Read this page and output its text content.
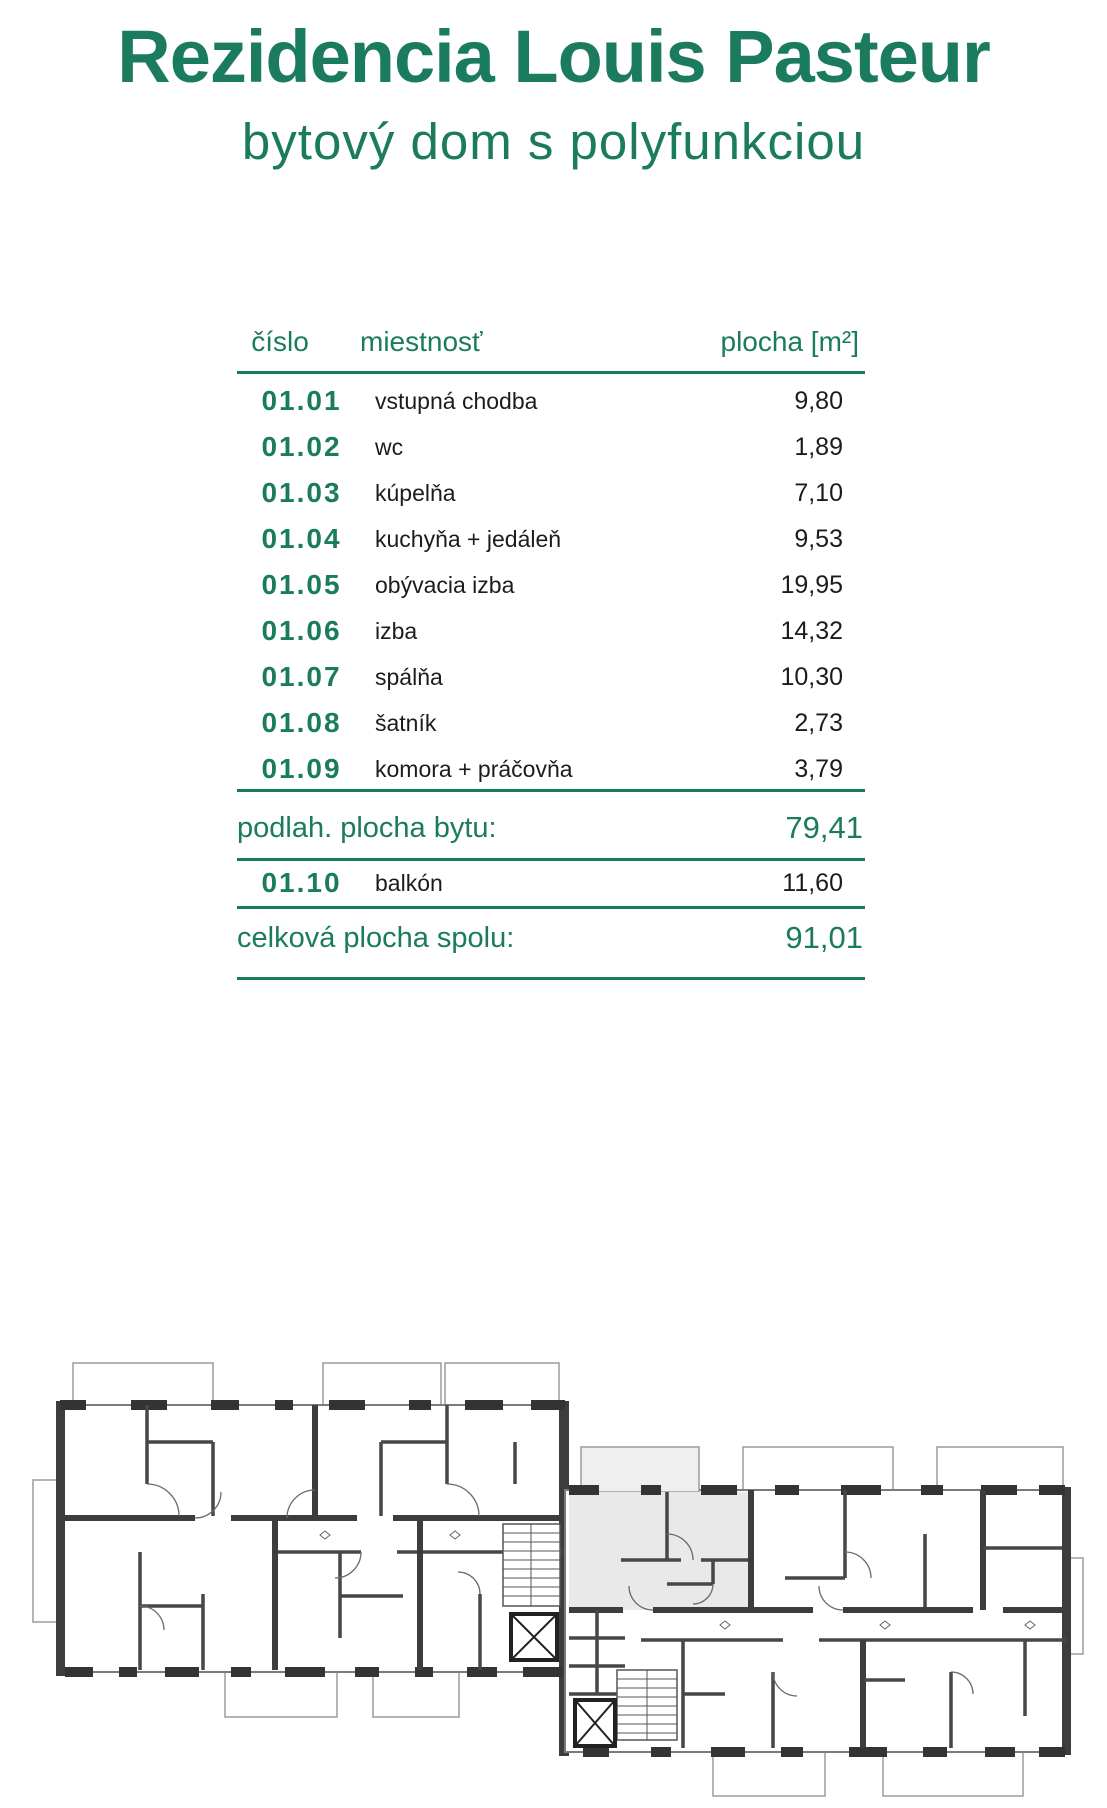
Rezidencia Louis Pasteur
bytový dom s polyfunkciou
číslo	miestnosť	plocha [m²]
01.01	vstupná chodba	9,80
01.02	wc	1,89
01.03	kúpelňa	7,10
01.04	kuchyňa + jedáleň	9,53
01.05	obývacia izba	19,95
01.06	izba	14,32
01.07	spálňa	10,30
01.08	šatník	2,73
01.09	komora + práčovňa	3,79
podlah. plocha bytu:	79,41
01.10	balkón	11,60
celková plocha spolu:	91,01
